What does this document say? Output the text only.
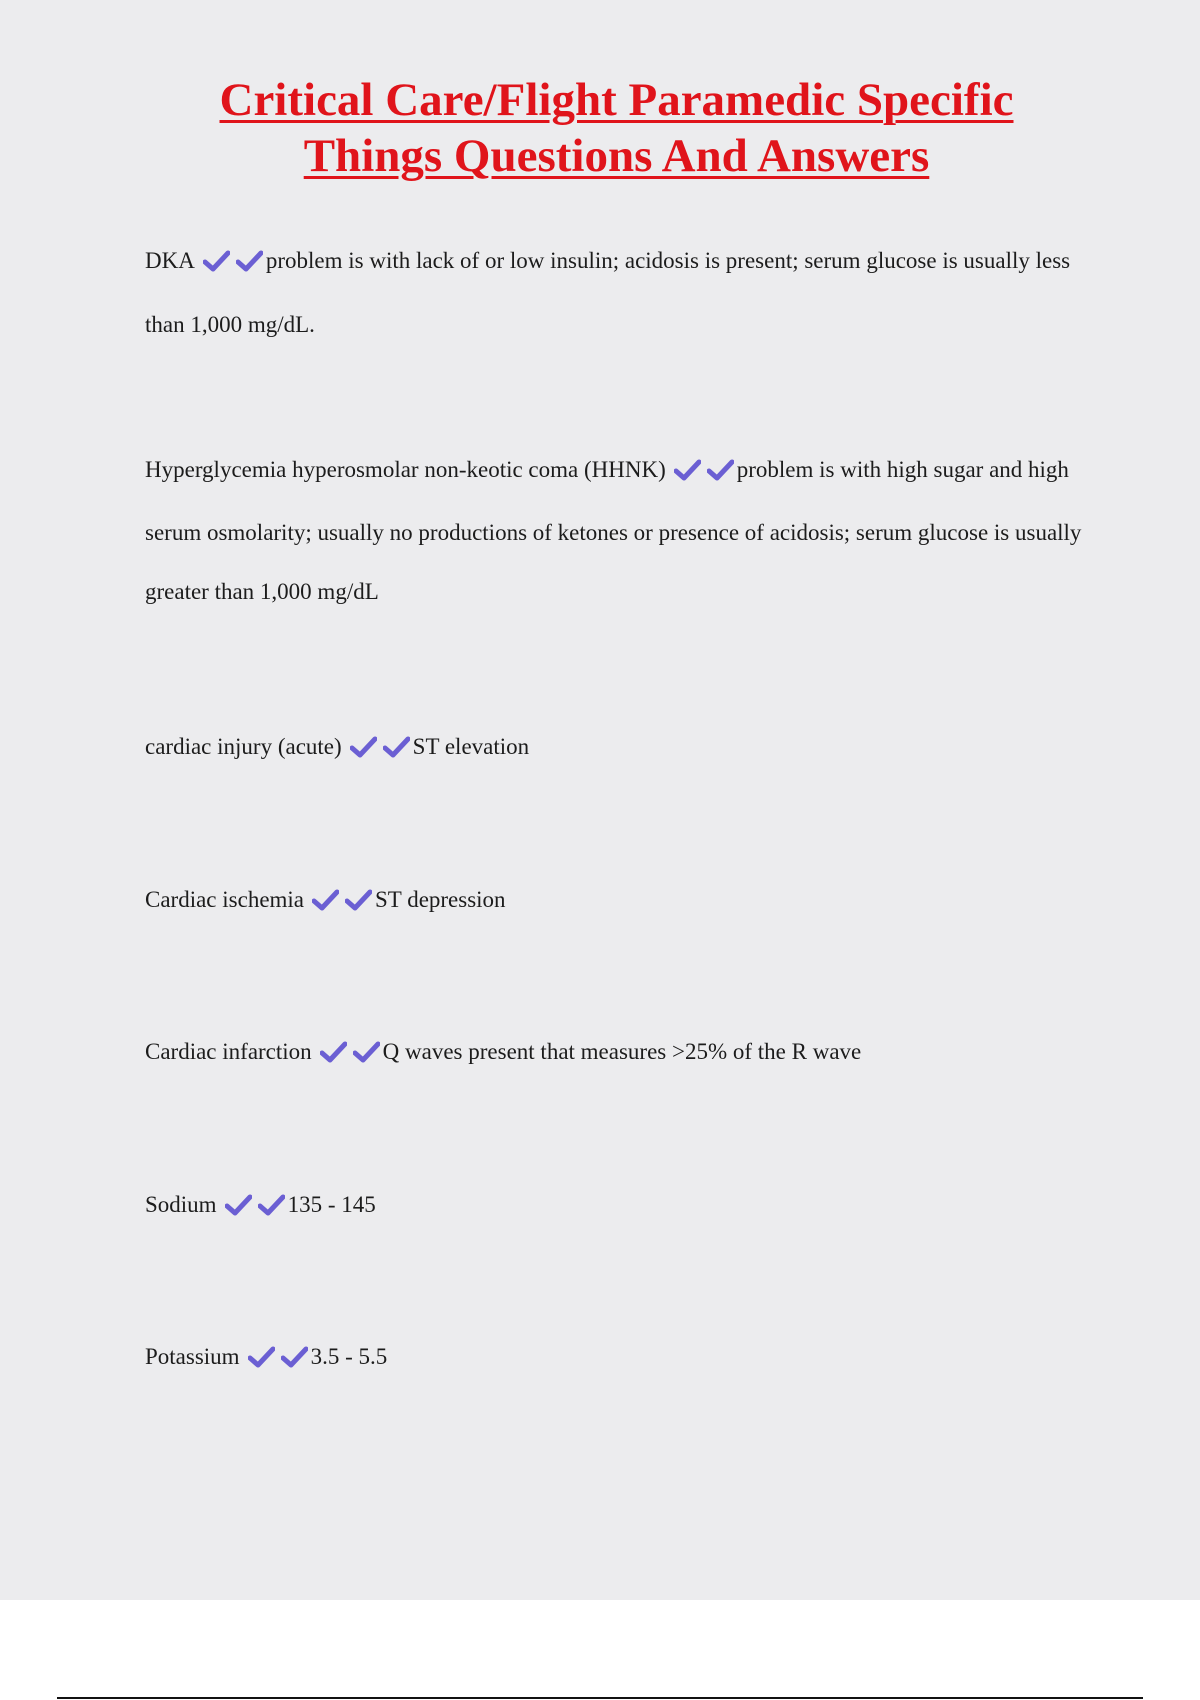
Critical Care/Flight Paramedic Specific
Things Questions And Answers
DKA	problem is with lack of or low insulin; acidosis is present; serum glucose is usually less than 1,000 mg/dL.
Hyperglycemia hyperosmolar non-keotic coma (HHNK)	problem is with high sugar and high serum osmolarity; usually no productions of ketones or presence of acidosis; serum glucose is usually greater than 1,000 mg/dL
cardiac injury (acute)	ST elevation
Cardiac ischemia	ST depression
Cardiac infarction	Q waves present that measures >25% of the R wave
Sodium	135 - 145
Potassium	3.5 - 5.5
